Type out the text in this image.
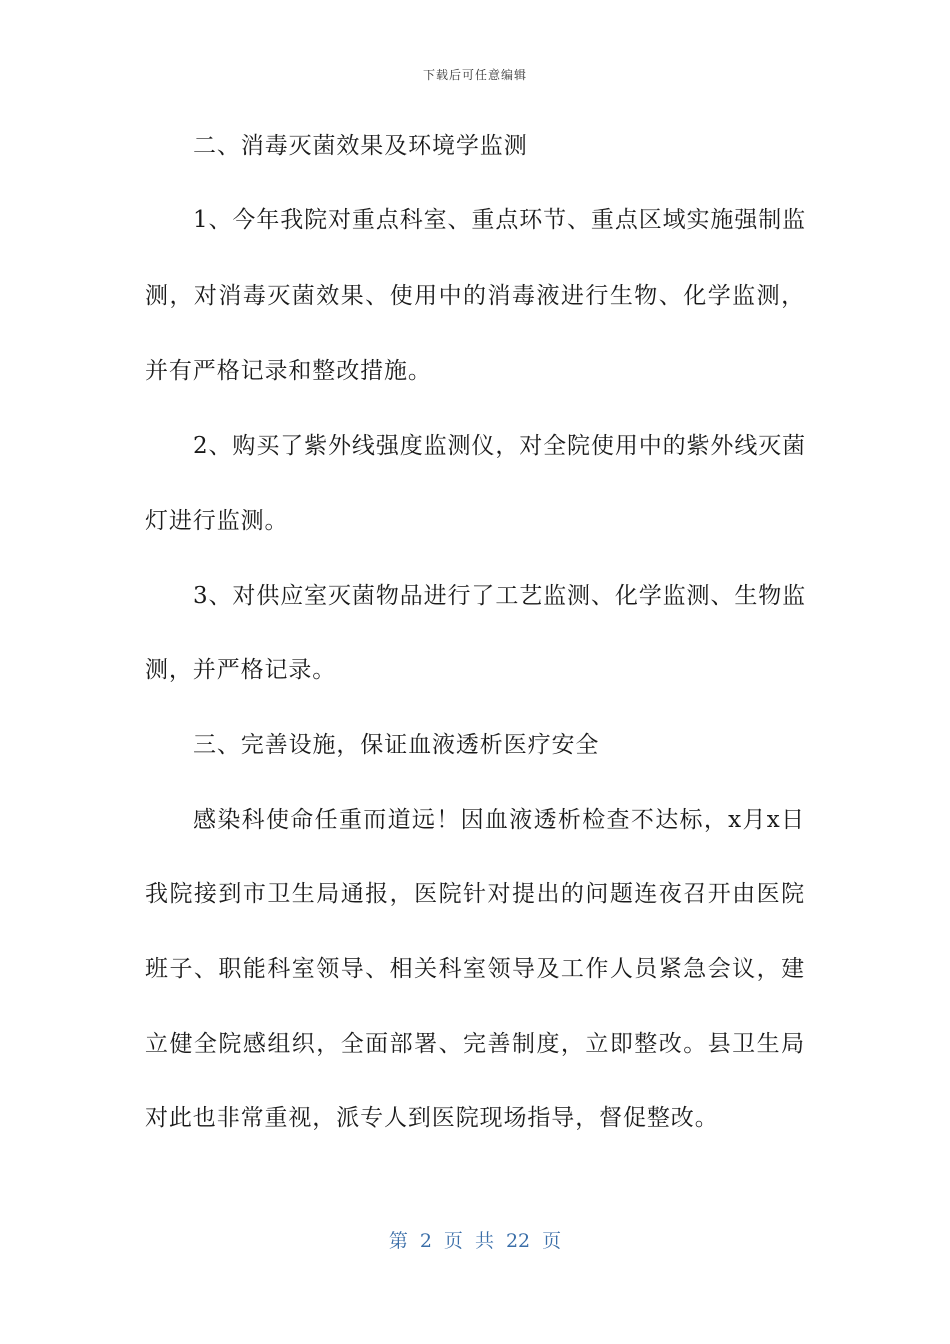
下载后可任意编辑
二、消毒灭菌效果及环境学监测
1、今年我院对重点科室、重点环节、重点区域实施强制监
测，对消毒灭菌效果、使用中的消毒液进行生物、化学监测，
并有严格记录和整改措施。
2、购买了紫外线强度监测仪，对全院使用中的紫外线灭菌
灯进行监测。
3、对供应室灭菌物品进行了工艺监测、化学监测、生物监
测，并严格记录。
三、完善设施，保证血液透析医疗安全
感染科使命任重而道远！因血液透析检查不达标，x月x日
我院接到市卫生局通报，医院针对提出的问题连夜召开由医院
班子、职能科室领导、相关科室领导及工作人员紧急会议，建
立健全院感组织，全面部署、完善制度，立即整改。县卫生局
对此也非常重视，派专人到医院现场指导，督促整改。
第 2 页 共 22 页
